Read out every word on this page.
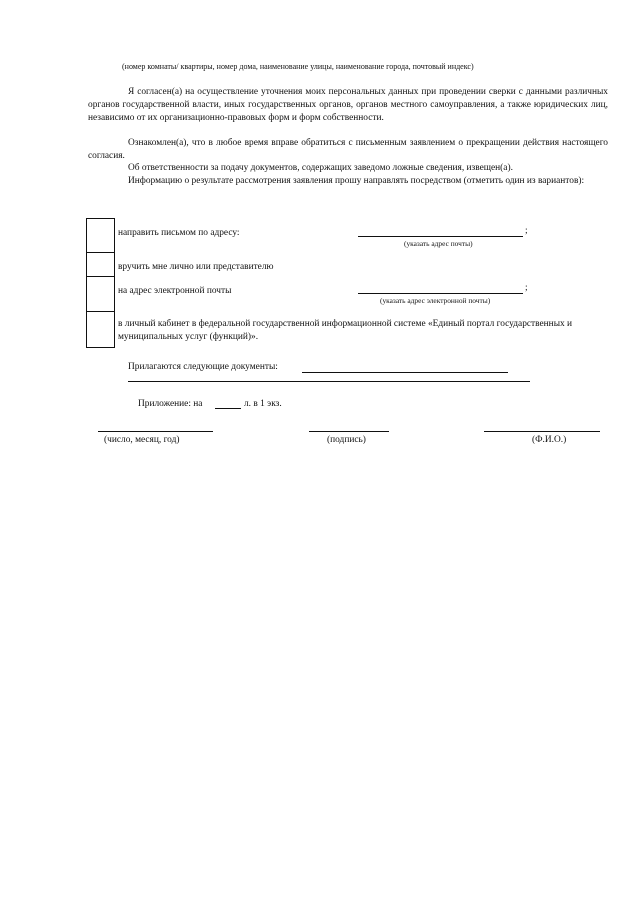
(номер комнаты/ квартиры, номер дома, наименование улицы, наименование города, почтовый индекс)
Я согласен(а) на осуществление уточнения моих персональных данных при проведении сверки с данными различных органов государственной власти, иных государственных органов, органов местного самоуправления, а также юридических лиц, независимо от их организационно-правовых форм и форм собственности.
Ознакомлен(а), что в любое время вправе обратиться с письменным заявлением о прекращении действия настоящего согласия.
Об ответственности за подачу документов, содержащих заведомо ложные сведения, извещен(а).
Информацию о результате рассмотрения заявления прошу направлять посредством (отметить один из вариантов):
направить письмом по адресу:	;
(указать адрес почты)
вручить мне лично или представителю
на адрес электронной почты	;
(указать адрес электронной почты)
в личный кабинет в федеральной государственной информационной системе «Единый портал государственных и муниципальных услуг (функций)».
Прилагаются следующие документы:
Приложение: на	л. в 1 экз.
(число, месяц, год)	(подпись)	(Ф.И.О.)
